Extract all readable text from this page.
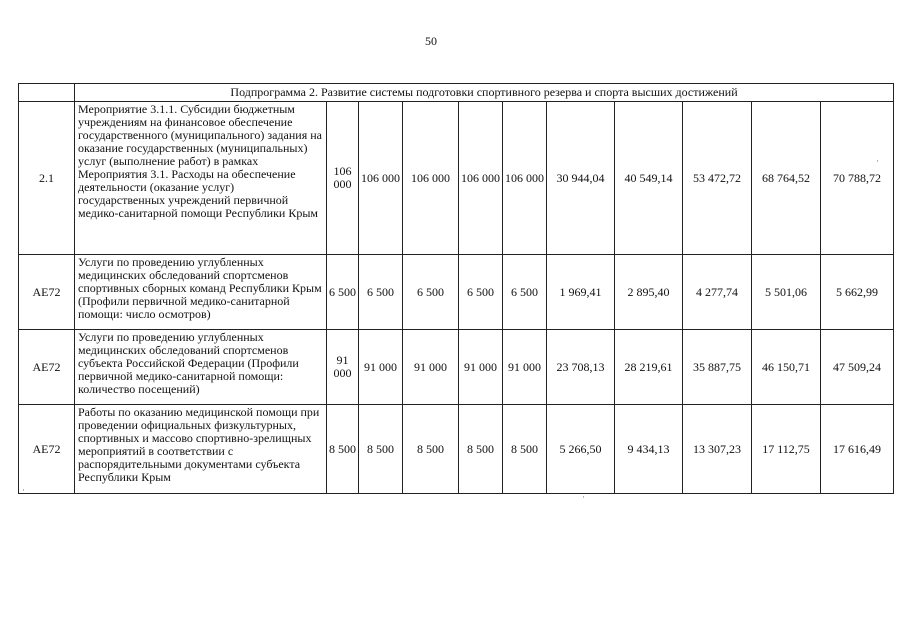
50
	Подпрограмма 2. Развитие системы подготовки спортивного резерва и спорта высших достижений										
2.1	Мероприятие 3.1.1. Субсидии бюджетным учреждениям на финансовое обеспечение государственного (муниципального) задания на оказание государственных (муниципальных) услуг (выполнение работ) в рамках Мероприятия 3.1. Расходы на обеспечение деятельности (оказание услуг) государственных учреждений первичной медико-санитарной помощи Республики Крым	106 000	106 000	106 000	106 000	106 000	30 944,04	40 549,14	53 472,72	68 764,52	70 788,72
АЕ72	Услуги по проведению углубленных медицинских обследований спортсменов спортивных сборных команд Республики Крым (Профили первичной медико-санитарной помощи: число осмотров)	6 500	6 500	6 500	6 500	6 500	1 969,41	2 895,40	4 277,74	5 501,06	5 662,99
АЕ72	Услуги по проведению углубленных медицинских обследований спортсменов субъекта Российской Федерации (Профили первичной медико-санитарной помощи: количество посещений)	91 000	91 000	91 000	91 000	91 000	23 708,13	28 219,61	35 887,75	46 150,71	47 509,24
АЕ72	Работы по оказанию медицинской помощи при проведении официальных физкультурных, спортивных и массово спортивно-зрелищных мероприятий в соответствии с распорядительными документами субъекта Республики Крым	8 500	8 500	8 500	8 500	8 500	5 266,50	9 434,13	13 307,23	17 112,75	17 616,49
·
·
·
